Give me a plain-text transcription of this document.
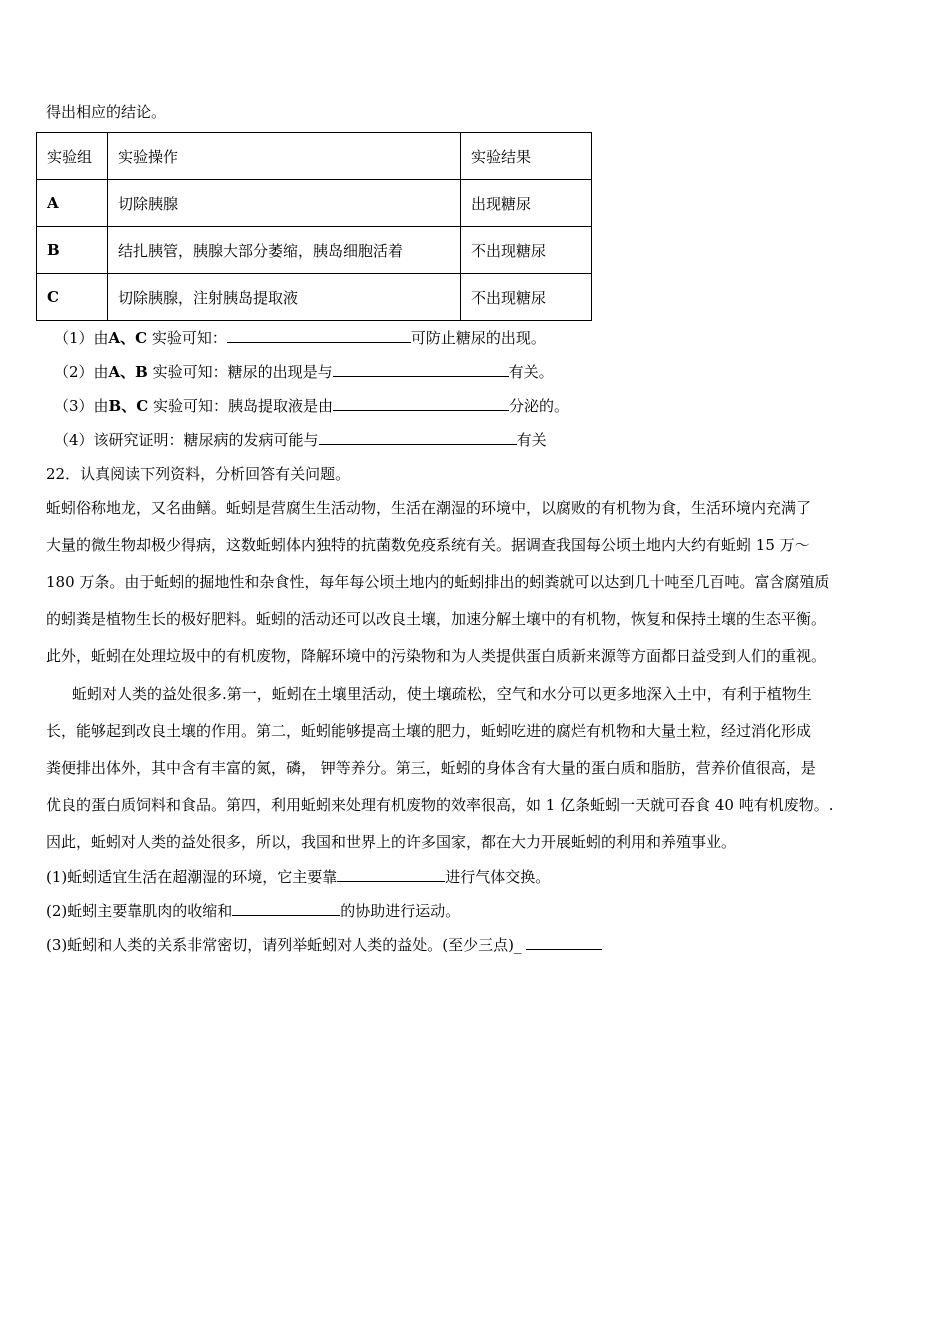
得出相应的结论。
实验组	实验操作	实验结果
A	切除胰腺	出现糖尿
B	结扎胰管，胰腺大部分萎缩，胰岛细胞活着	不出现糖尿
C	切除胰腺，注射胰岛提取液	不出现糖尿
（1）由A、C 实验可知：	可防止糖尿的出现。
（2）由A、B 实验可知：糖尿的出现是与	有关。
（3）由B、C 实验可知：胰岛提取液是由	分泌的。
（4）该研究证明：糖尿病的发病可能与	有关
22．认真阅读下列资料，分析回答有关问题。
蚯蚓俗称地龙，又名曲鳝。蚯蚓是营腐生生活动物，生活在潮湿的环境中，以腐败的有机物为食，生活环境内充满了
大量的微生物却极少得病，这数蚯蚓体内独特的抗菌数免疫系统有关。据调查我国每公顷土地内大约有蚯蚓 15 万～
180 万条。由于蚯蚓的掘地性和杂食性，每年每公顷土地内的蚯蚓排出的蚓粪就可以达到几十吨至几百吨。富含腐殖质
的蚓粪是植物生长的极好肥料。蚯蚓的活动还可以改良土壤，加速分解土壤中的有机物，恢复和保持土壤的生态平衡。
此外，蚯蚓在处理垃圾中的有机废物，降解环境中的污染物和为人类提供蛋白质新来源等方面都日益受到人们的重视。
蚯蚓对人类的益处很多.第一，蚯蚓在土壤里活动，使土壤疏松，空气和水分可以更多地深入土中，有利于植物生
长，能够起到改良土壤的作用。第二，蚯蚓能够提高土壤的肥力，蚯蚓吃进的腐烂有机物和大量土粒，经过消化形成
粪便排出体外，其中含有丰富的氮，磷， 钾等养分。第三，蚯蚓的身体含有大量的蛋白质和脂肪，营养价值很高，是
优良的蛋白质饲料和食品。第四，利用蚯蚓来处理有机废物的效率很高，如 1 亿条蚯蚓一天就可吞食 40 吨有机废物。.
因此，蚯蚓对人类的益处很多，所以，我国和世界上的许多国家，都在大力开展蚯蚓的利用和养殖事业。
(1)蚯蚓适宜生活在超潮湿的环境，它主要靠	进行气体交换。
(2)蚯蚓主要靠肌肉的收缩和	的协助进行运动。
(3)蚯蚓和人类的关系非常密切，请列举蚯蚓对人类的益处。(至少三点)_
